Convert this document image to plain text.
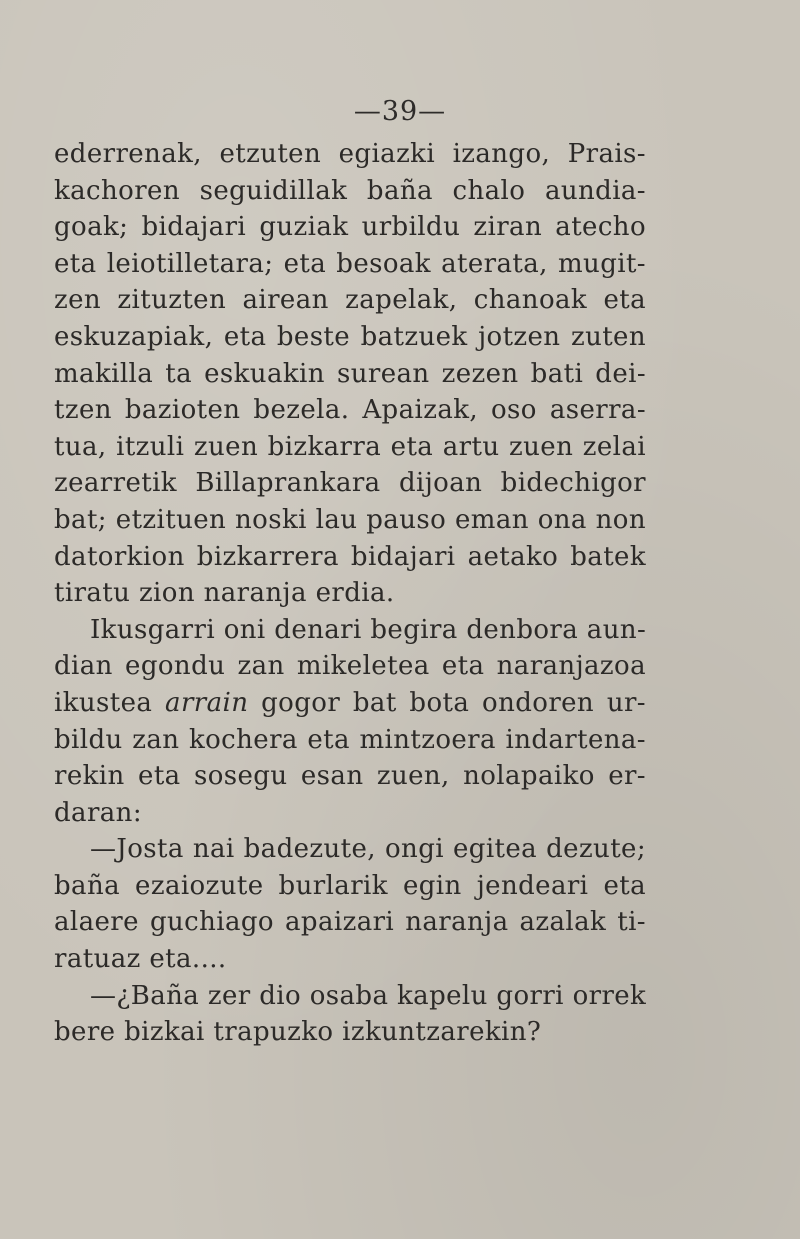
—39—
ederrenak, etzuten egiazki izango, Prais-
kachoren seguidillak baña chalo aundia-
goak; bidajari guziak urbildu ziran atecho
eta leiotilletara; eta besoak aterata, mugit-
zen zituzten airean zapelak, chanoak eta
eskuzapiak, eta beste batzuek jotzen zuten
makilla ta eskuakin surean zezen bati dei-
tzen bazioten bezela. Apaizak, oso aserra-
tua, itzuli zuen bizkarra eta artu zuen zelai
zearretik Billaprankara dijoan bidechigor
bat; etzituen noski lau pauso eman ona non
datorkion bizkarrera bidajari aetako batek
tiratu zion naranja erdia.
Ikusgarri oni denari begira denbora aun-
dian egondu zan mikeletea eta naranjazoa
ikustea arrain gogor bat bota ondoren ur-
bildu zan kochera eta mintzoera indartena-
rekin eta sosegu esan zuen, nolapaiko er-
daran:
—Josta nai badezute, ongi egitea dezute;
baña ezaiozute burlarik egin jendeari eta
alaere guchiago apaizari naranja azalak ti-
ratuaz eta....
—¿Baña zer dio osaba kapelu gorri orrek
bere bizkai trapuzko izkuntzarekin?
